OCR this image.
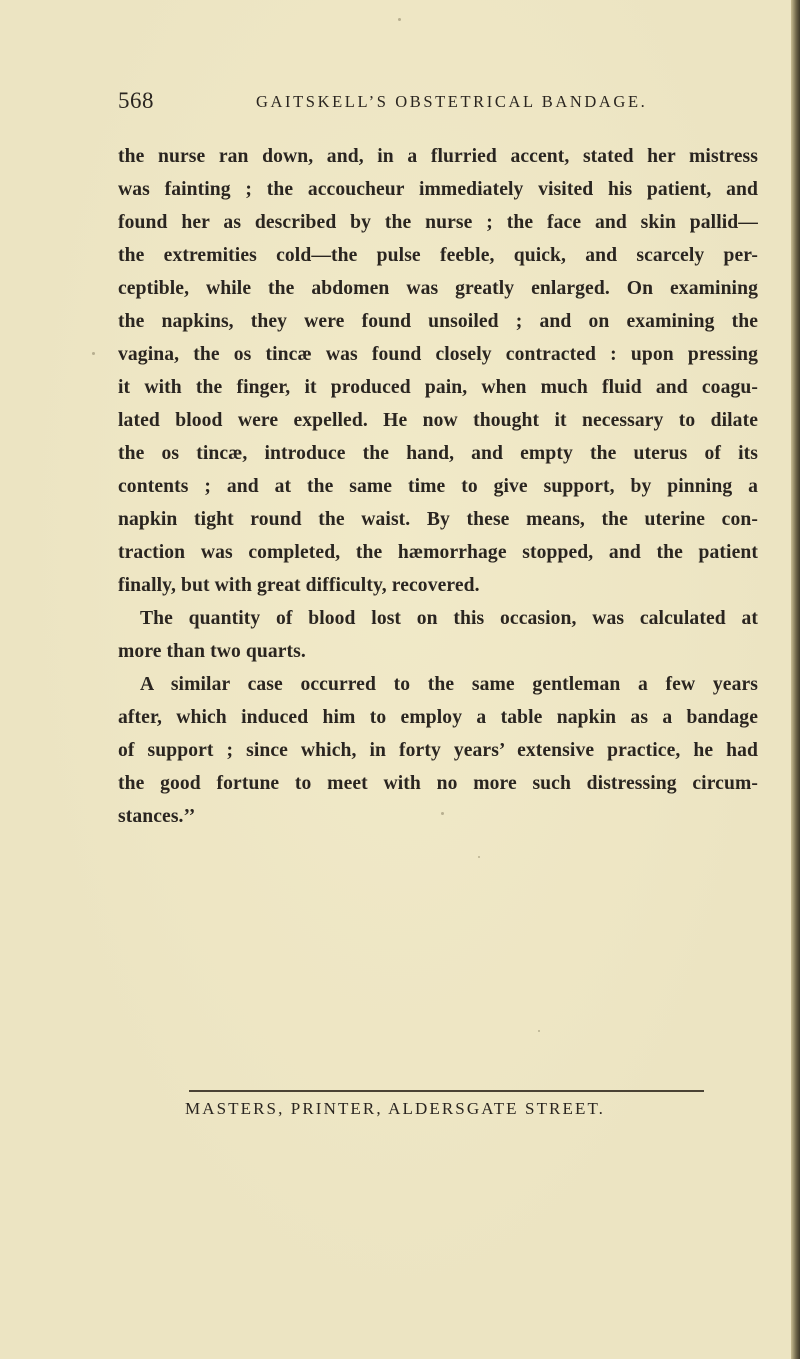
568	GAITSKELL’S OBSTETRICAL BANDAGE.
the nurse ran down, and, in a flurried accent, stated her mistress
was fainting ; the accoucheur immediately visited his patient, and
found her as described by the nurse ; the face and skin pallid—
the extremities cold—the pulse feeble, quick, and scarcely per-
ceptible, while the abdomen was greatly enlarged. On examining
the napkins, they were found unsoiled ; and on examining the
vagina, the os tincæ was found closely contracted : upon pressing
it with the finger, it produced pain, when much fluid and coagu-
lated blood were expelled. He now thought it necessary to dilate
the os tincæ, introduce the hand, and empty the uterus of its
contents ; and at the same time to give support, by pinning a
napkin tight round the waist. By these means, the uterine con-
traction was completed, the hæmorrhage stopped, and the patient
finally, but with great difficulty, recovered.
The quantity of blood lost on this occasion, was calculated at
more than two quarts.
A similar case occurred to the same gentleman a few years
after, which induced him to employ a table napkin as a bandage
of support ; since which, in forty years’ extensive practice, he had
the good fortune to meet with no more such distressing circum-
stances.’’
MASTERS, PRINTER, ALDERSGATE STREET.
